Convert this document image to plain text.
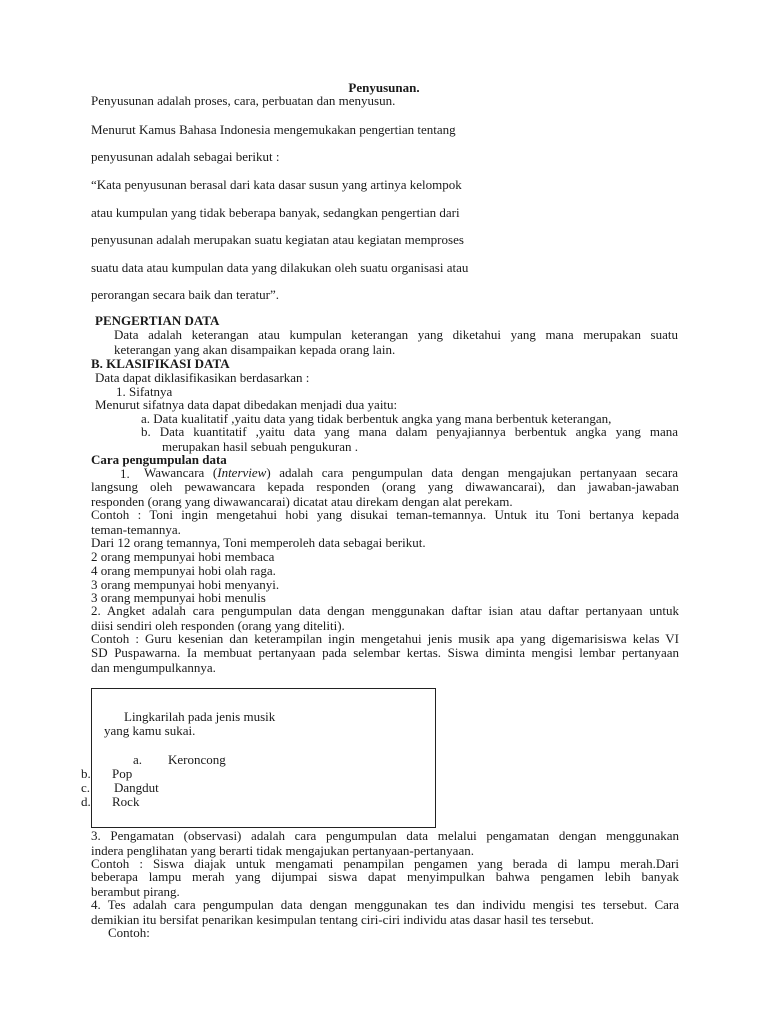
Penyusunan.
Penyusunan adalah proses, cara, perbuatan dan menyusun.
Menurut Kamus Bahasa Indonesia mengemukakan pengertian tentang
penyusunan adalah sebagai berikut :
“Kata penyusunan berasal dari kata dasar susun yang artinya kelompok
atau kumpulan yang tidak beberapa banyak, sedangkan pengertian dari
penyusunan adalah merupakan suatu kegiatan atau kegiatan memproses
suatu data atau kumpulan data yang dilakukan oleh suatu organisasi atau
perorangan secara baik dan teratur”.
PENGERTIAN DATA
Data adalah keterangan atau kumpulan keterangan yang diketahui yang mana merupakan suatu
keterangan yang akan disampaikan kepada orang lain.
B. KLASIFIKASI DATA
Data dapat diklasifikasikan berdasarkan :
1. Sifatnya
Menurut sifatnya data dapat dibedakan menjadi dua yaitu:
a. Data kualitatif ,yaitu data yang tidak berbentuk angka yang mana berbentuk keterangan,
b. Data kuantitatif ,yaitu data yang mana dalam penyajiannya berbentuk angka yang mana
merupakan hasil sebuah pengukuran .
Cara pengumpulan data
1. Wawancara (Interview) adalah cara pengumpulan data dengan mengajukan pertanyaan secara
langsung oleh pewawancara kepada responden (orang yang diwawancarai), dan jawaban-jawaban
responden (orang yang diwawancarai) dicatat atau direkam dengan alat perekam.
Contoh : Toni ingin mengetahui hobi yang disukai teman-temannya. Untuk itu Toni bertanya kepada
teman-temannya.
Dari 12 orang temannya, Toni memperoleh data sebagai berikut.
2 orang mempunyai hobi membaca
4 orang mempunyai hobi olah raga.
3 orang mempunyai hobi menyanyi.
3 orang mempunyai hobi menulis
2. Angket adalah cara pengumpulan data dengan menggunakan daftar isian atau daftar pertanyaan untuk
diisi sendiri oleh responden (orang yang diteliti).
Contoh : Guru kesenian dan keterampilan ingin mengetahui jenis musik apa yang digemarisiswa kelas VI
SD Puspawarna. Ia membuat pertanyaan pada selembar kertas. Siswa diminta mengisi lembar pertanyaan
dan mengumpulkannya.
Lingkarilah pada jenis musik
yang kamu sukai.
a. Keroncong
b. Pop
c. Dangdut
d. Rock
3. Pengamatan (observasi) adalah cara pengumpulan data melalui pengamatan dengan menggunakan
indera penglihatan yang berarti tidak mengajukan pertanyaan-pertanyaan.
Contoh : Siswa diajak untuk mengamati penampilan pengamen yang berada di lampu merah.Dari
beberapa lampu merah yang dijumpai siswa dapat menyimpulkan bahwa pengamen lebih banyak
berambut pirang.
4. Tes adalah cara pengumpulan data dengan menggunakan tes dan individu mengisi tes tersebut. Cara
demikian itu bersifat penarikan kesimpulan tentang ciri-ciri individu atas dasar hasil tes tersebut.
Contoh:
